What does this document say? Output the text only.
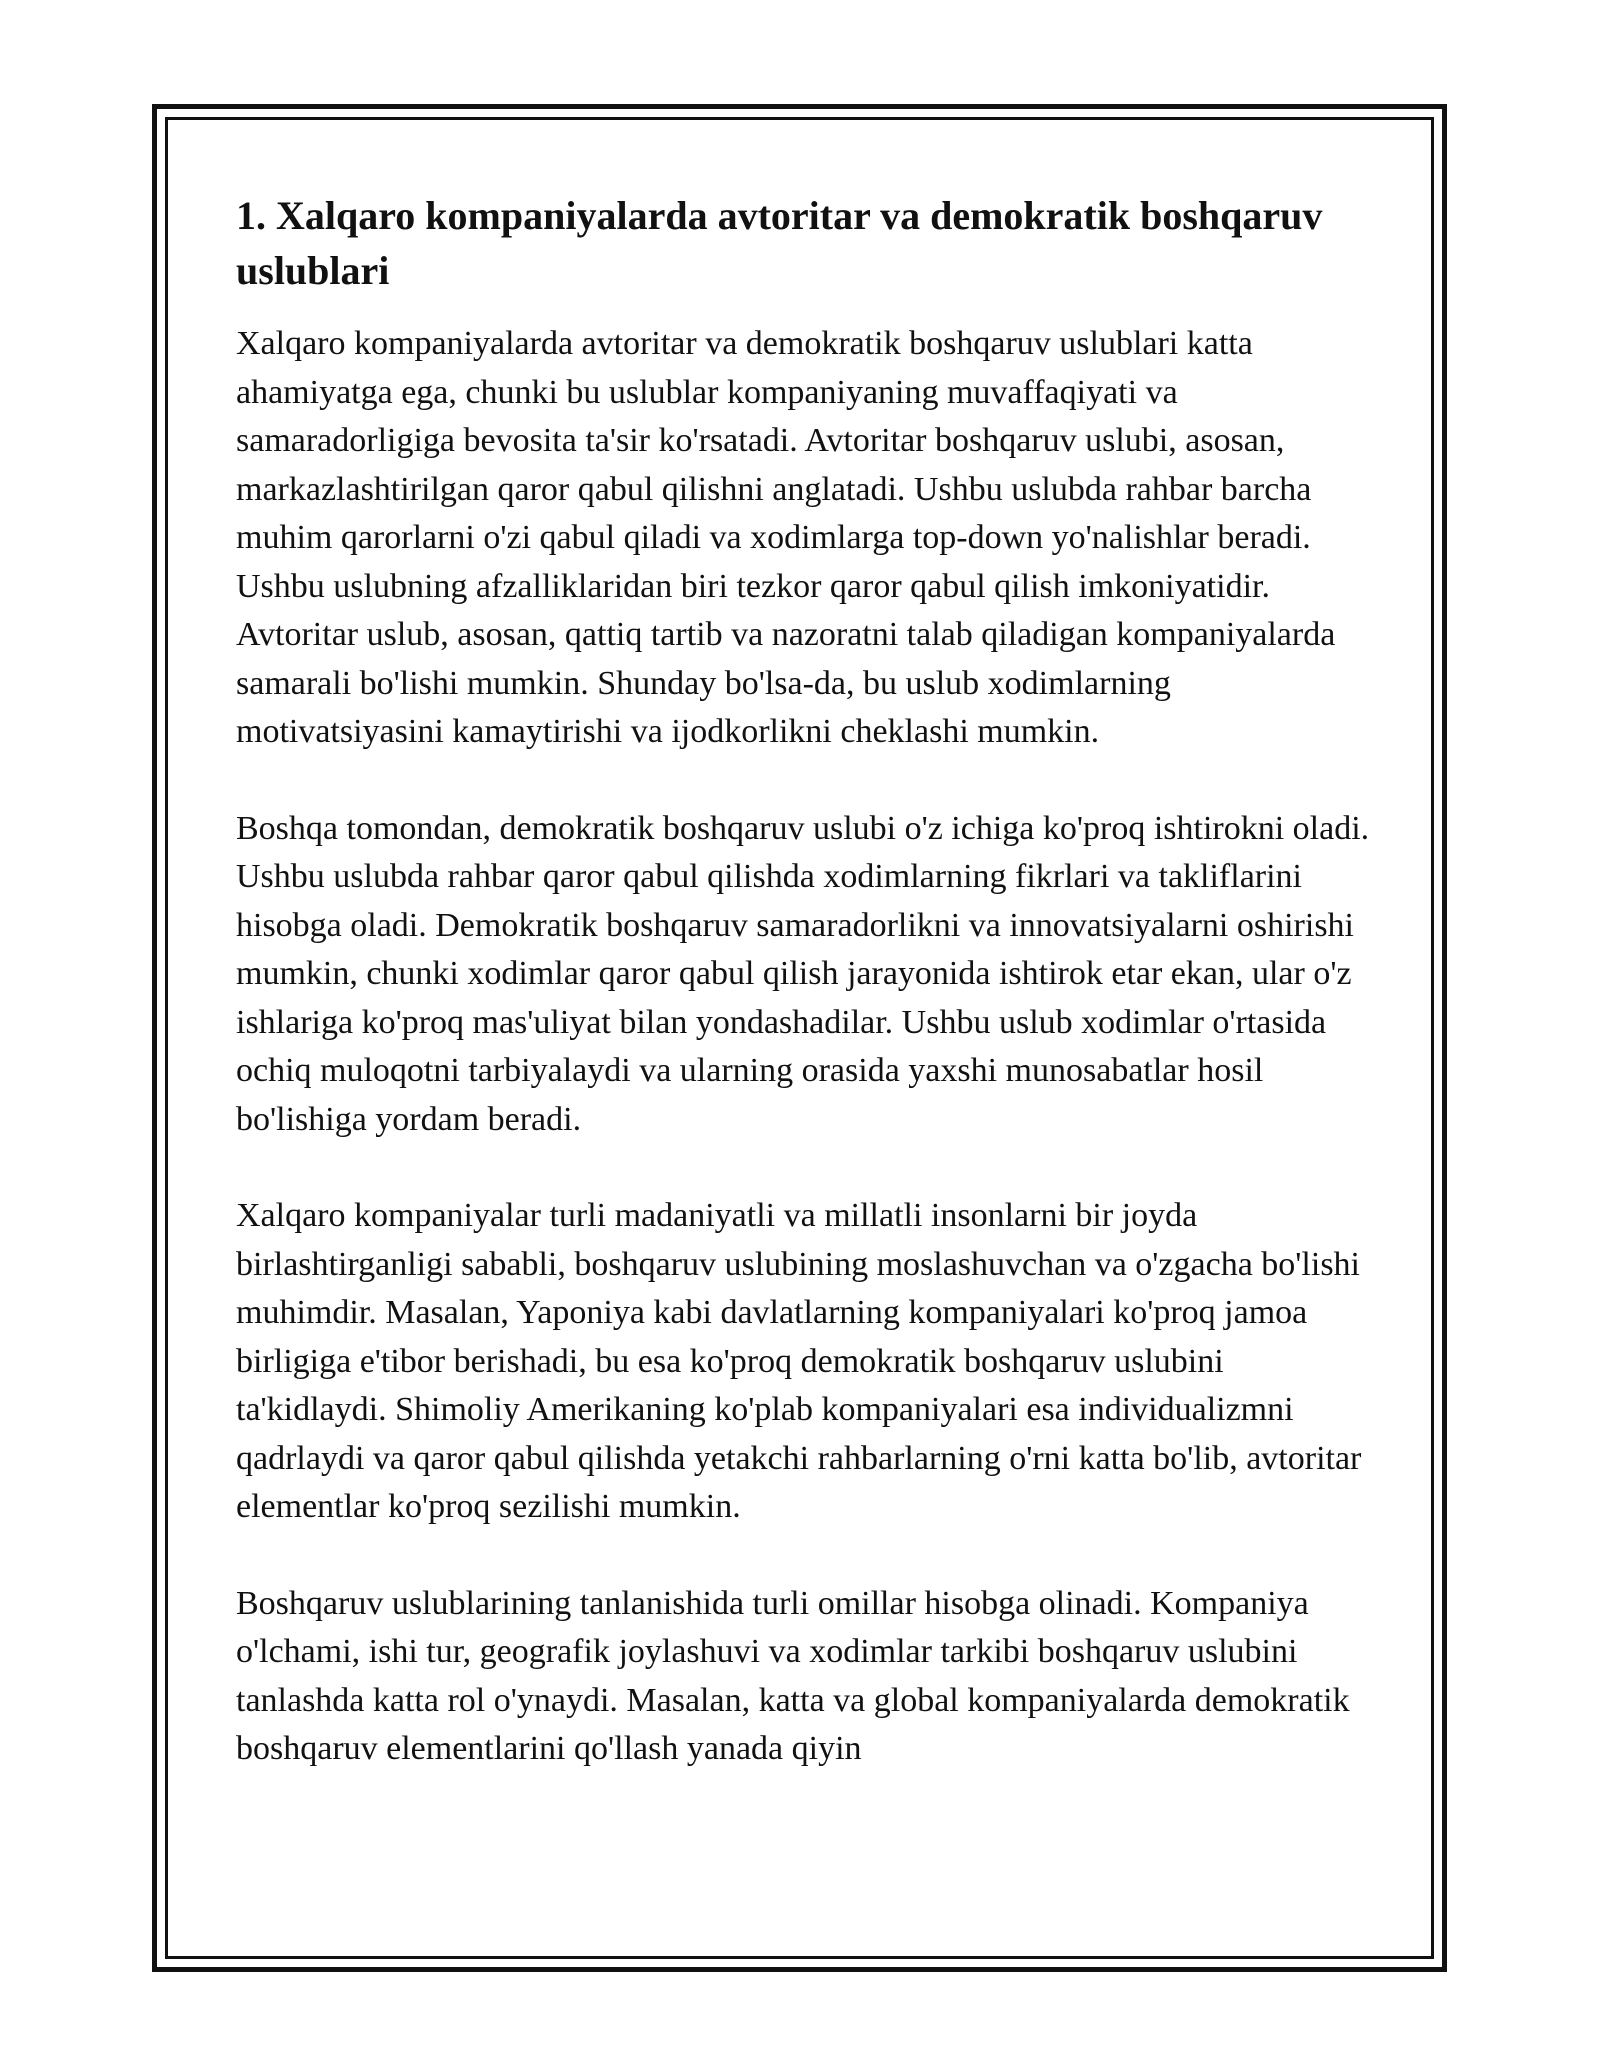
1. Xalqaro kompaniyalarda avtoritar va demokratik boshqaruv uslublari

Xalqaro kompaniyalarda avtoritar va demokratik boshqaruv uslublari katta ahamiyatga ega, chunki bu uslublar kompaniyaning muvaffaqiyati va samaradorligiga bevosita ta'sir ko'rsatadi. Avtoritar boshqaruv uslubi, asosan, markazlashtirilgan qaror qabul qilishni anglatadi. Ushbu uslubda rahbar barcha muhim qarorlarni o'zi qabul qiladi va xodimlarga top-down yo'nalishlar beradi. Ushbu uslubning afzalliklaridan biri tezkor qaror qabul qilish imkoniyatidir. Avtoritar uslub, asosan, qattiq tartib va nazoratni talab qiladigan kompaniyalarda samarali bo'lishi mumkin. Shunday bo'lsa-da, bu uslub xodimlarning motivatsiyasini kamaytirishi va ijodkorlikni cheklashi mumkin.

Boshqa tomondan, demokratik boshqaruv uslubi o'z ichiga ko'proq ishtirokni oladi. Ushbu uslubda rahbar qaror qabul qilishda xodimlarning fikrlari va takliflarini hisobga oladi. Demokratik boshqaruv samaradorlikni va innovatsiyalarni oshirishi mumkin, chunki xodimlar qaror qabul qilish jarayonida ishtirok etar ekan, ular o'z ishlariga ko'proq mas'uliyat bilan yondashadilar. Ushbu uslub xodimlar o'rtasida ochiq muloqotni tarbiyalaydi va ularning orasida yaxshi munosabatlar hosil bo'lishiga yordam beradi.

Xalqaro kompaniyalar turli madaniyatli va millatli insonlarni bir joyda birlashtirganligi sababli, boshqaruv uslubining moslashuvchan va o'zgacha bo'lishi muhimdir. Masalan, Yaponiya kabi davlatlarning kompaniyalari ko'proq jamoa birligiga e'tibor berishadi, bu esa ko'proq demokratik boshqaruv uslubini ta'kidlaydi. Shimoliy Amerikaning ko'plab kompaniyalari esa individualizmni qadrlaydi va qaror qabul qilishda yetakchi rahbarlarning o'rni katta bo'lib, avtoritar elementlar ko'proq sezilishi mumkin.

Boshqaruv uslublarining tanlanishida turli omillar hisobga olinadi. Kompaniya o'lchami, ishi tur, geografik joylashuvi va xodimlar tarkibi boshqaruv uslubini tanlashda katta rol o'ynaydi. Masalan, katta va global kompaniyalarda demokratik boshqaruv elementlarini qo'llash yanada qiyin
